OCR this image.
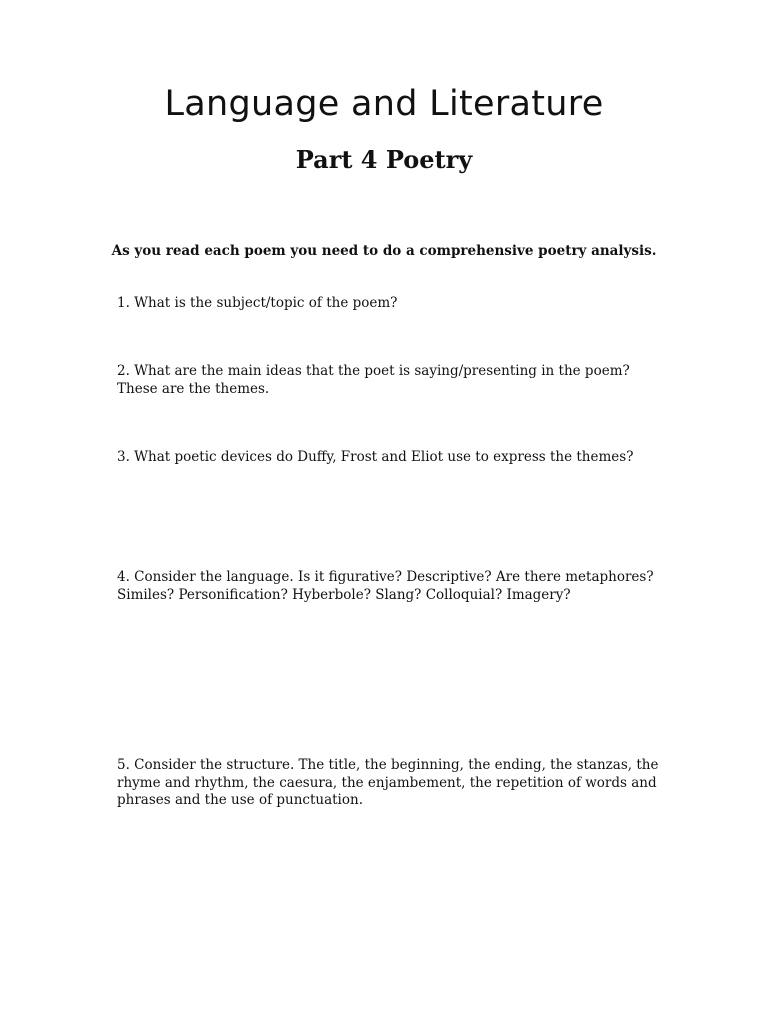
Language and Literature
Part 4 Poetry

As you read each poem you need to do a comprehensive poetry analysis.

1. What is the subject/topic of the poem?

2. What are the main ideas that the poet is saying/presenting in the poem?
These are the themes.

3. What poetic devices do Duffy, Frost and Eliot use to express the themes?

4. Consider the language. Is it figurative? Descriptive? Are there metaphores?
Similes? Personification? Hyberbole? Slang? Colloquial? Imagery?

5. Consider the structure. The title, the beginning, the ending, the stanzas, the
rhyme and rhythm, the caesura, the enjambement, the repetition of words and
phrases and the use of punctuation.
